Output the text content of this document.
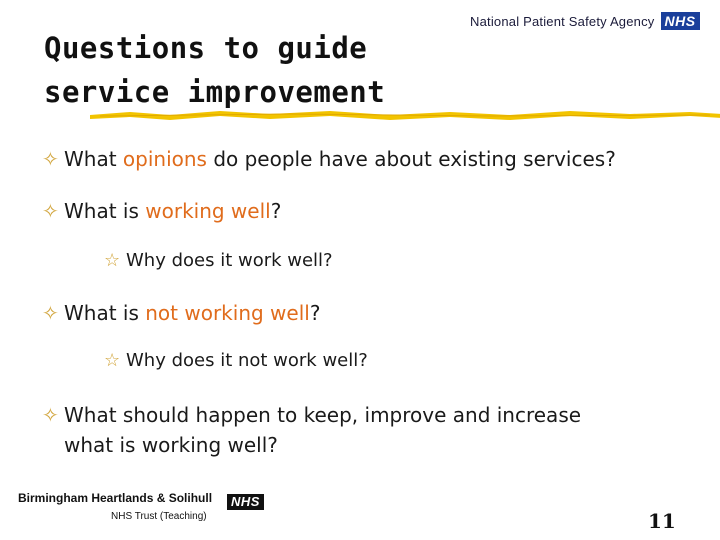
Questions to guide
service improvement
National Patient Safety Agency NHS
✧ What opinions do people have about existing services?
✧ What is working well?
☆ Why does it work well?
✧ What is not working well?
☆ Why does it not work well?
✧ What should happen to keep, improve and increase
what is working well?
Birmingham Heartlands & Solihull
NHS Trust (Teaching)
NHS
11
